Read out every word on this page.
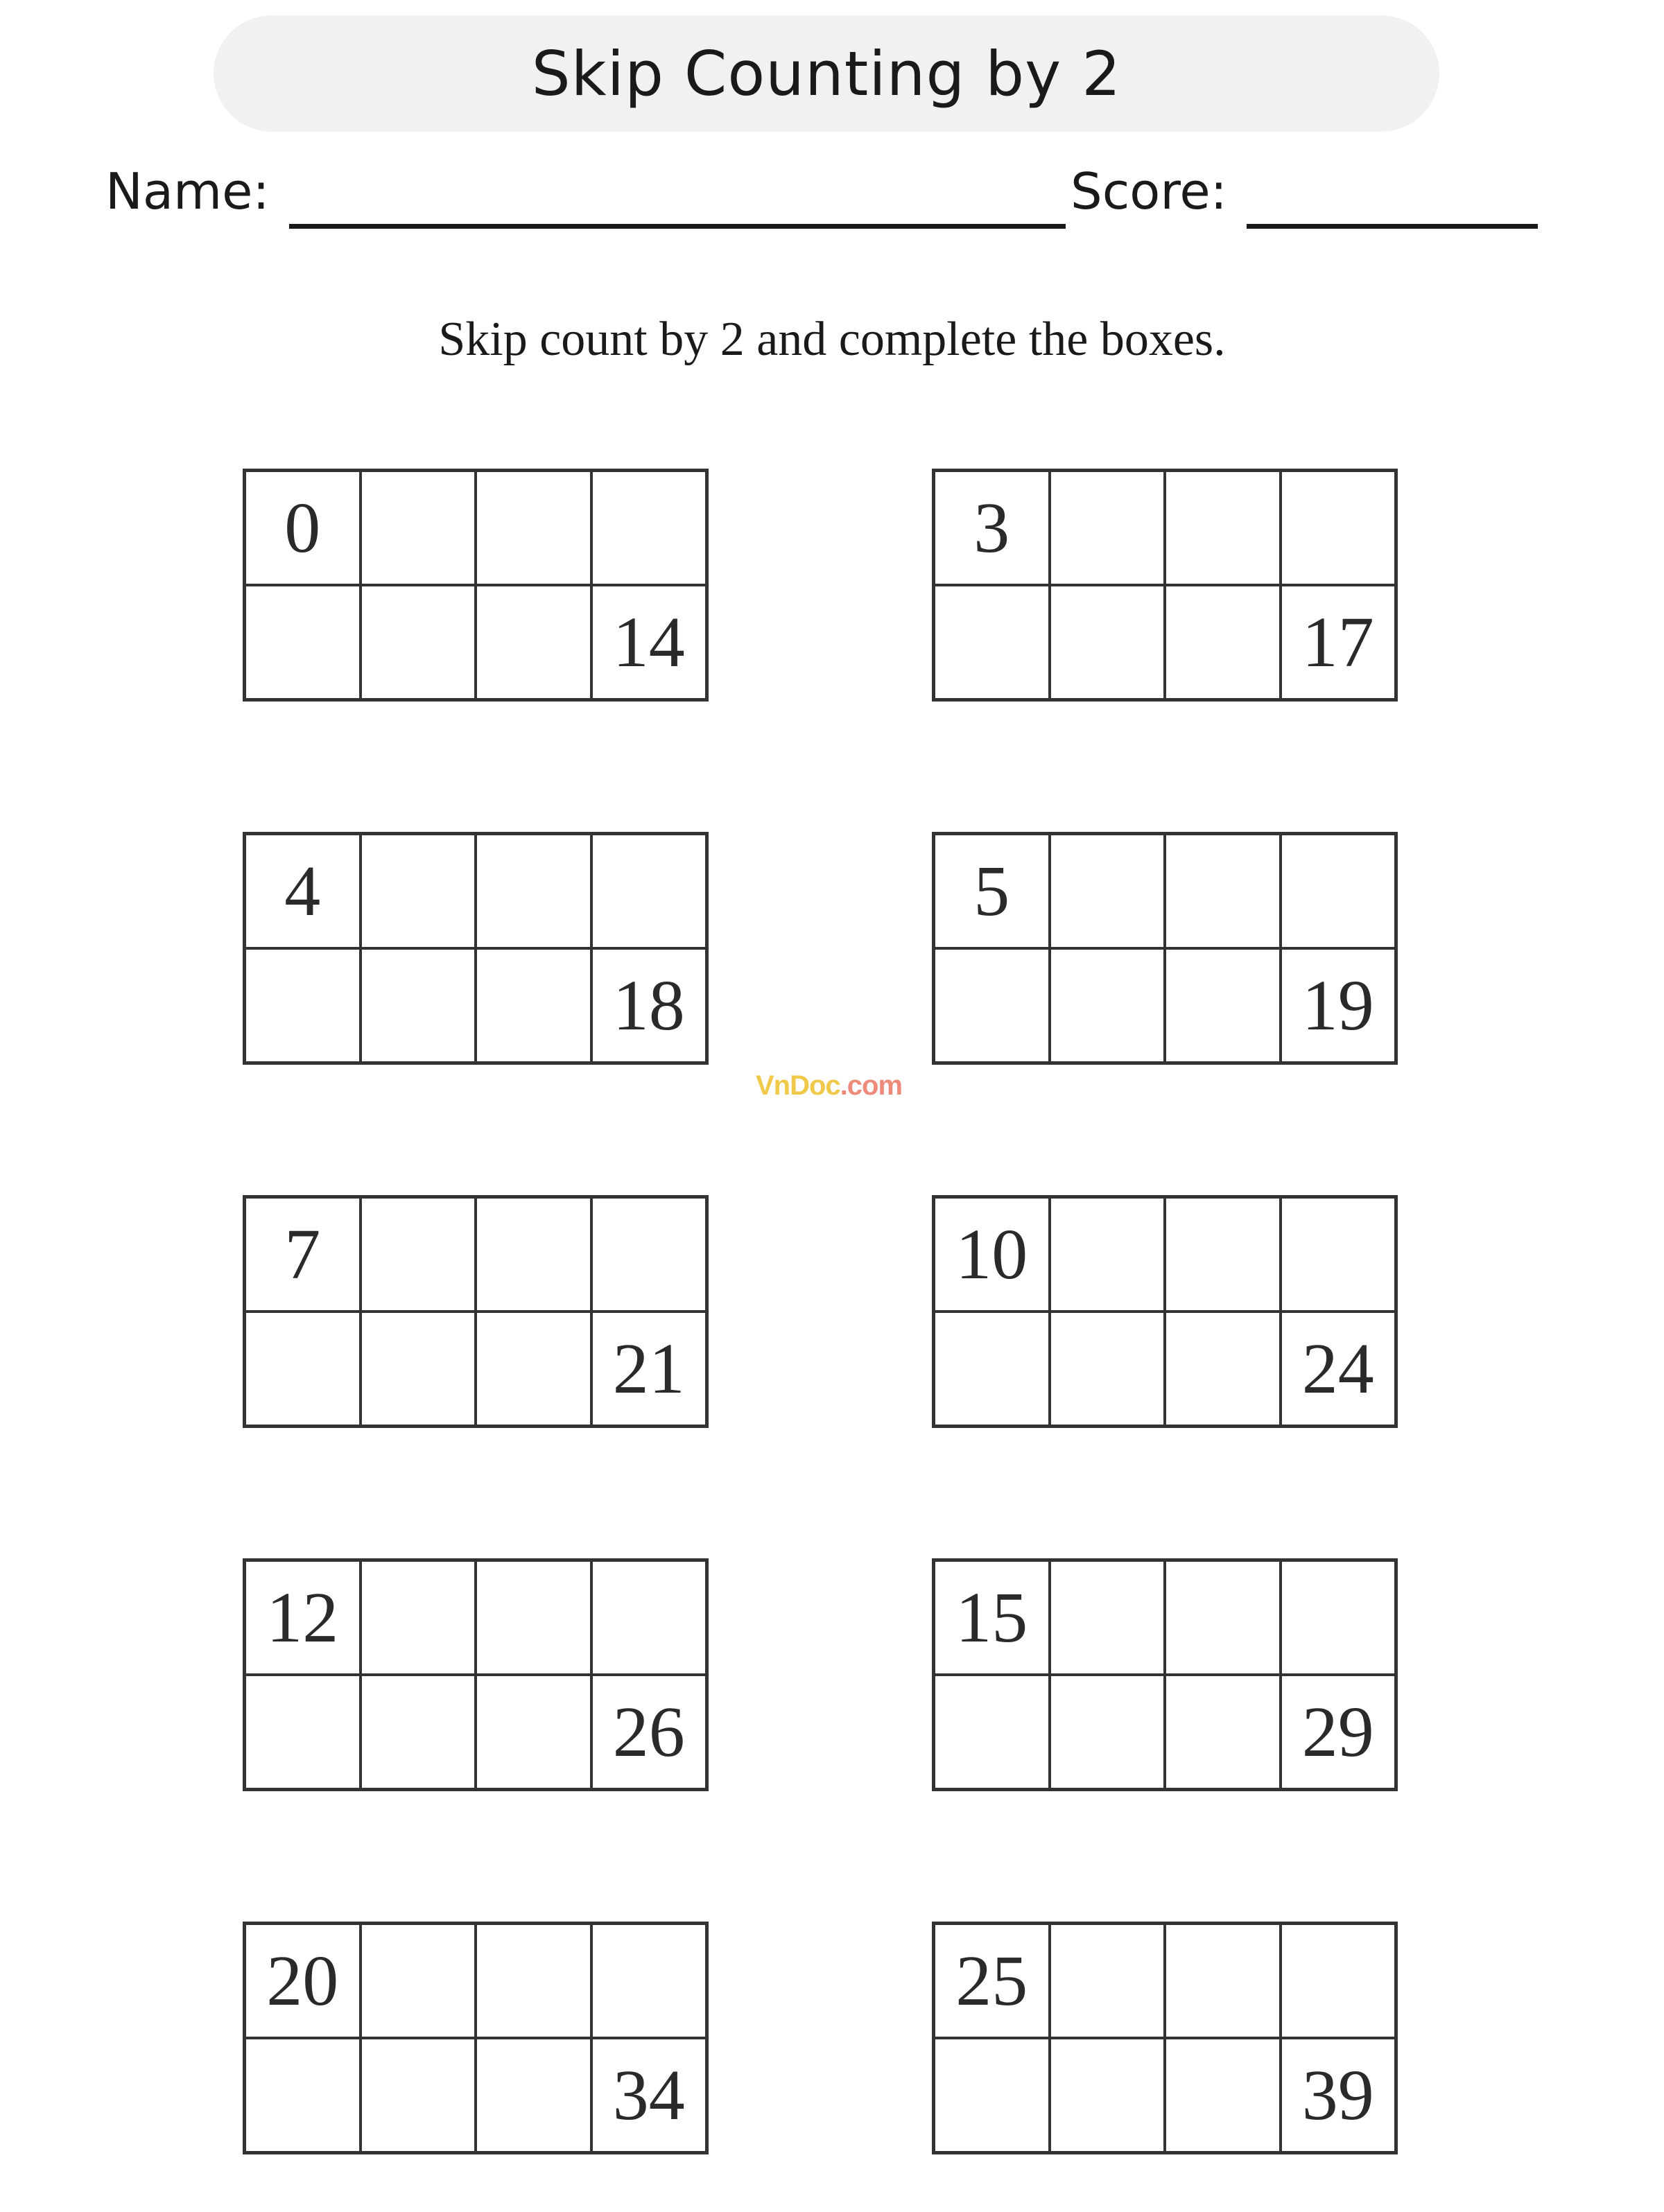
Skip Counting by 2
Name:	Score:
Skip count by 2 and complete the boxes.
0
14
3
17
4
18
5
19
VnDoc.com
7
21
10
24
12
26
15
29
20
34
25
39
